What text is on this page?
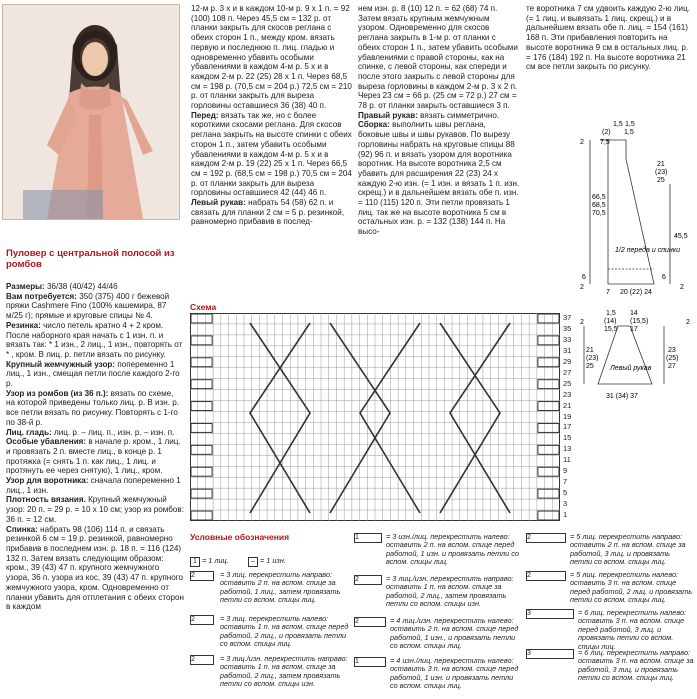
Пуловер с центральной полосой из ромбов

Размеры: 36/38 (40/42) 44/46

Вам потребуется: 350 (375) 400 г бежевой пряжи Cashmere Fino (100% кашемира, 87 м/25 г); прямые и круговые спицы № 4.

Резинка: число петель кратно 4 + 2 кром. После наборного края начать с 1 изн. п. и вязать так: * 1 изн., 2 лиц., 1 изн., повторять от * , кром. В лиц. р. петли вязать по рисунку.

Крупный жемчужный узор: попеременно 1 лиц., 1 изн., смещая петли после каждого 2-го р.

Узор из ромбов (из 36 п.): вязать по схеме, на которой приведены только лиц. р. В изн. р. все петли вязать по рисунку. Повторять с 1-го по 38-й р.

Лиц. гладь: лиц. р. – лиц. п., изн. р. – изн. п.

Особые убавления: в начале р. кром., 1 лиц. и провязать 2 п. вместе лиц., в конце р. 1 протяжка (= снять 1 п. как лиц., 1 лиц. и протянуть ее через снятую), 1 лиц., кром.

Узор для воротника: сначала попеременно 1 лиц., 1 изн.

Плотность вязания. Крупный жемчужный узор: 20 п. = 29 р. = 10 x 10 см; узор из ромбов: 36 п. = 12 см.

Спинка: набрать 98 (106) 114 п. и связать резинкой 6 см = 19 р. резинкой, равномерно прибавив в последнем изн. р. 18 п. = 116 (124) 132 п. Затем вязать следующим образом: кром., 39 (43) 47 п. крупного жемчужного узора, 36 п. узора из кос, 39 (43) 47 п. крупного жемчужного узора, кром. Одновременно от планки убавить для отплетания с обеих сторон в каждом

12-м р. 3 x и в каждом 10-м р. 9 x 1 п. = 92 (100) 108 п. Через 45,5 см = 132 р. от планки закрыть для скосов реглана с обеих сторон 1 п., между кром. вязать первую и последнюю п. лиц. гладью и одновременно убавить особыми убавлениями в каждом 4-м р. 5 x и в каждом 2-м р. 22 (25) 28 x 1 п. Через 68,5 см = 198 р. (70,5 см = 204 р.) 72,5 см = 210 р. от планки закрыть для выреза горловины оставшиеся 36 (38) 40 п.

Перед: вязать так же, но с более короткими скосами реглана. Для скосов реглана закрыть на высоте спинки с обеих сторон 1 п., затем убавить особыми убавлениями в каждом 4-м р. 5 x и в каждом 2-м р. 19 (22) 25 x 1 п. Через 66,5 см = 192 р. (68,5 см = 198 р.) 70,5 см = 204 р. от планки закрыть для выреза горловины оставшиеся 42 (44) 46 п.

Левый рукав: набрать 54 (58) 62 п. и связать для планки 2 см = 5 р. резинкой, равномерно прибавив в послед-

нем изн. р. 8 (10) 12 п. = 62 (68) 74 п. Затем вязать крупным жемчужным узором. Одновременно для скосов реглана закрыть в 1-м р. от планки с обеих сторон 1 п., затем убавить особыми убавлениями с правой стороны, как на спинке, с левой стороны, как спереди и после этого закрыть с левой стороны для выреза горловины в каждом 2-м р. 3 x 2 п. Через 23 см = 66 р. (25 см = 72 р.) 27 см = 78 р. от планки закрыть оставшиеся 3 п.

Правый рукав: вязать симметрично.

Сборка: выполнить швы реглана, боковые швы и швы рукавов. По вырезу горловины набрать на круговые спицы 88 (92) 96 п. и вязать узором для воротника воротник. На высоте воротника 2,5 см убавить для расширения 22 (23) 24 x каждую 2-ю изн. (= 1 изн. и вязать 1 п. изн. скрещ.) и в дальнейшем вязать обе п. изн. = 110 (115) 120 п. Эти петли провязать 1 лиц. так же на высоте воротника 5 см в остальных изн. р. = 132 (138) 144 п. На высо-

те воротника 7 см удвоить каждую 2-ю лиц. (= 1 лиц. и вывязать 1 лиц. скрещ.) и в дальнейшем вязать обе п. лиц. = 154 (161) 168 п. Эти прибавления повторить на высоте воротника 9 см в остальных лиц. р. = 176 (184) 192 п. На высоте воротника 21 см все петли закрыть по рисунку.

1,5 1,5
1,5
(2)
2 7,5
66,5
68,5
70,5
21
(23)
25
45,5
1/2 переда и спинки
6	6
7 20 (22) 24
2	2
1,5
(14)
15,5
14
(15,5)
17
21
(23)
25
23
(25)
27
2	2
Левый рукав
31 (34) 37
Схема
37
35
33
31
29
27
25
23
21
19
17
15
13
11
9
7
5
3
1
Условные обозначения
1 = 1 лиц.	– = 1 изн.
2	= 3 лиц. перекрестить направо: оставить 2 п. на вспом. спице за работой, 1 лиц., затем провязать петли со вспом. спицы лиц.
2	= 3 лиц. перекрестить налево: оставить 1 п. на вспом. спице перед работой, 2 лиц., и провязать петли со вспом. спицы лиц.
2	= 3 лиц./изн. перекрестить направо: оставить 1 п. на вспом. спице за работой, 2 лиц., затем провязать петли со вспом. спицы изн.
1	= 3 изн./лиц. перекрестить налево: оставить 2 п. на вспом. спице перед работой, 1 изн. и провязать петли со вспом. спицы лиц.
2	= 3 лиц./изн. перекрестить направо: оставить 1 п. на вспом. спице за работой, 2 лиц., затем провязать петли со вспом. спицы изн.
2	= 4 лиц./изн. перекрестить налево: оставить 2 п. на вспом. спице перед работой, 1 изн., и провязать петли со вспом. спицы лиц.
1	= 4 изн./лиц. перекрестить налево: оставить 3 п. на вспом. спице перед работой, 1 изн. и провязать петли со вспом. спицы лиц.
2	= 5 лиц. перекрестить направо: оставить 2 п. на вспом. спице за работой, 3 лиц. и провязать петли со вспом. спицы лиц.
2	= 5 лиц. перекрестить налево: оставить 3 п. на вспом. спице перед работой, 2 лиц. и провязать петли со вспом. спицы лиц.
3	= 6 лиц. перекрестить налево: оставить 3 п. на вспом. спице перед работой, 3 лиц. и провязать петли со вспом. спицы лиц.
3	= 6 лиц. перекрестить направо: оставить 3 п. на вспом. спице за работой, 3 лиц. и провязать петли со вспом. спицы лиц.
